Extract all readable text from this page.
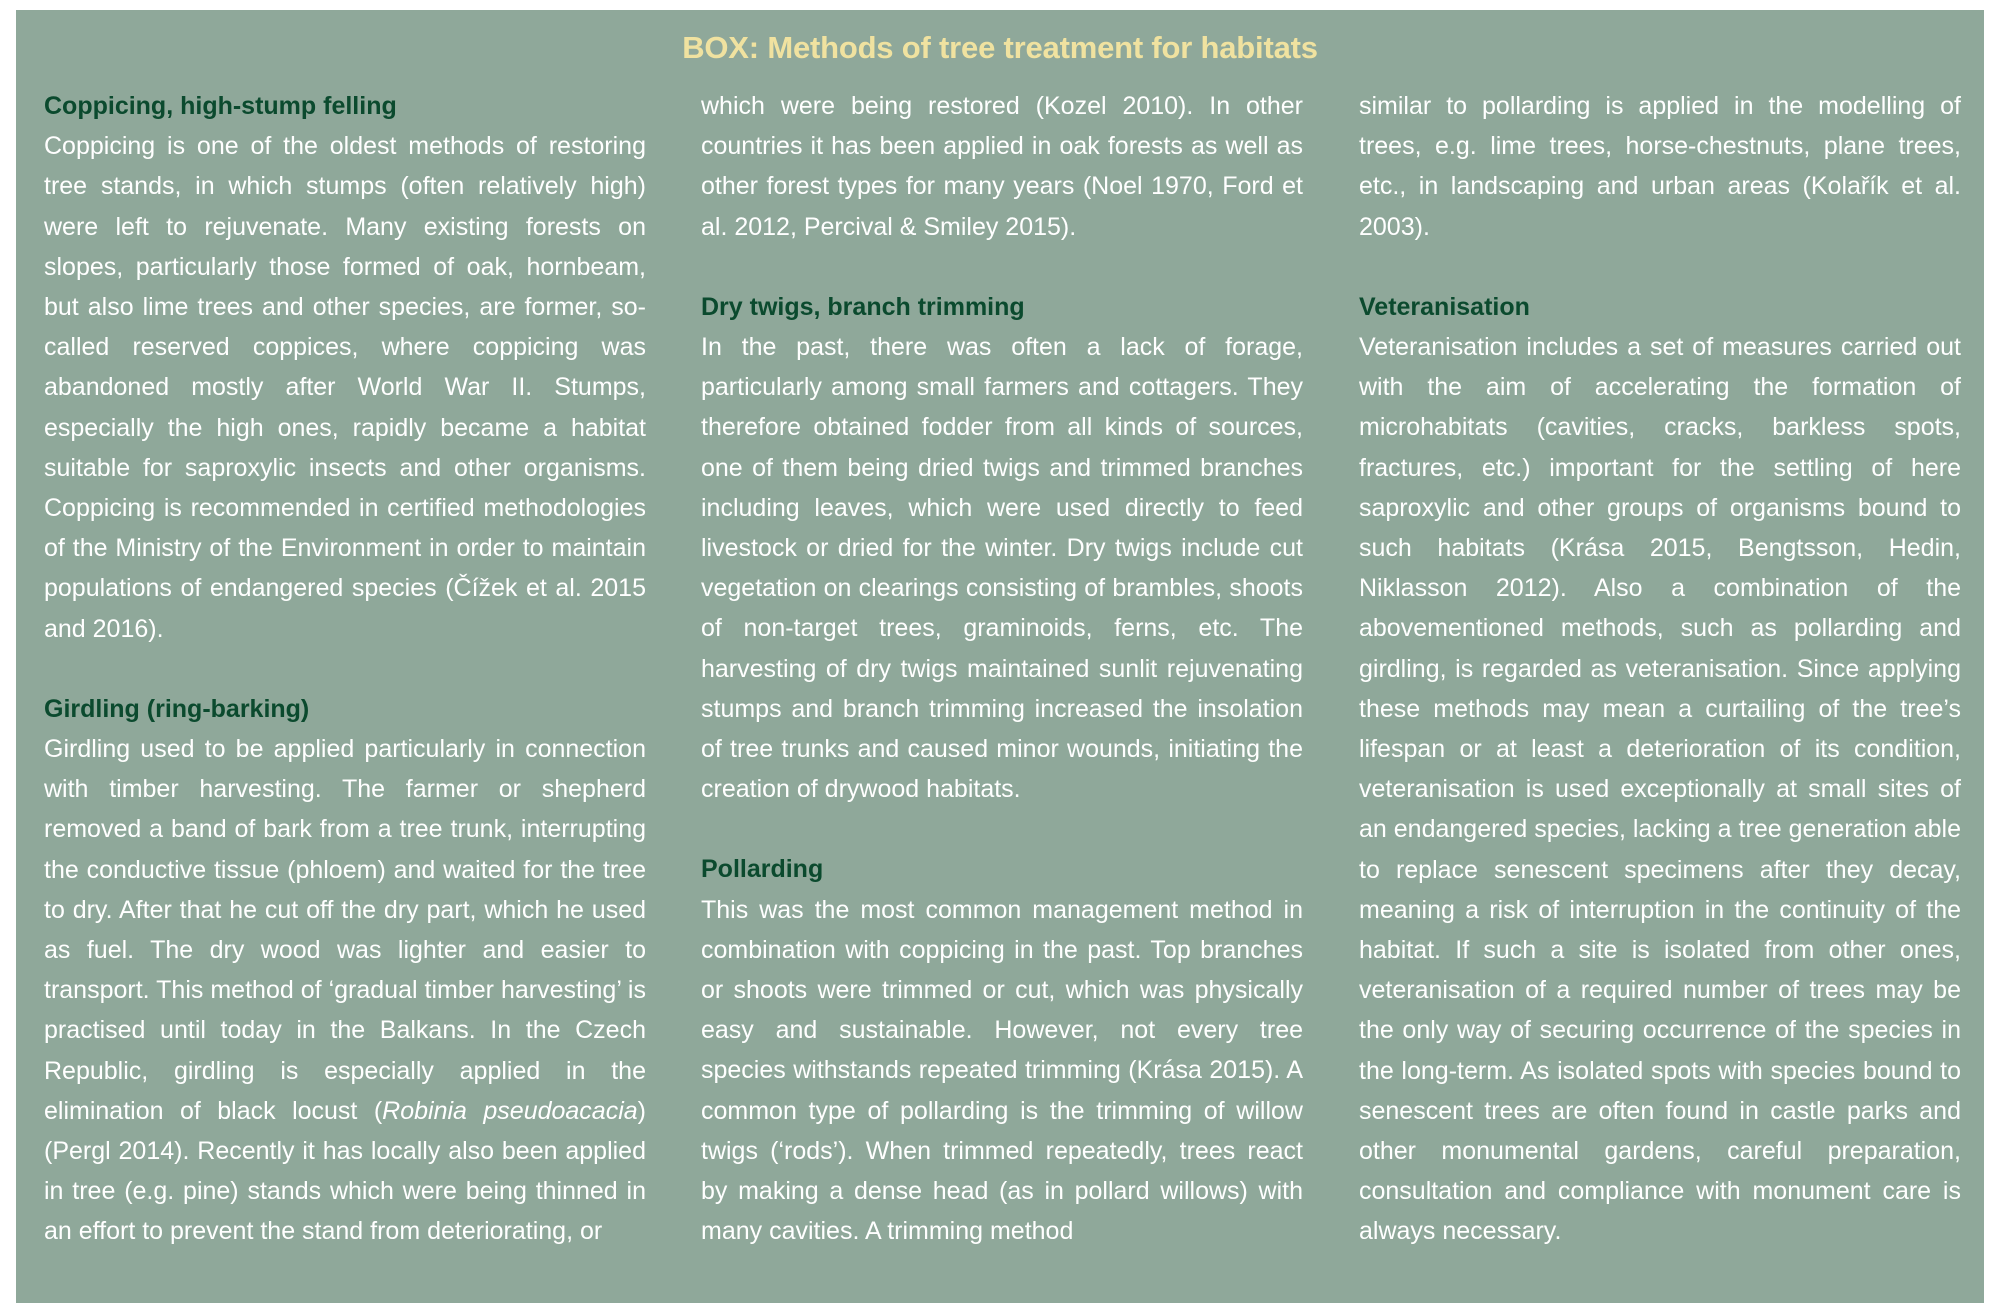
BOX: Methods of tree treatment for habitats
Coppicing, high-stump felling

Coppicing is one of the oldest methods of restoring tree stands, in which stumps (often relatively high) were left to rejuvenate. Many existing forests on slopes, particularly those formed of oak, hornbeam, but also lime trees and other species, are former, so-called reserved coppices, where coppicing was abandoned mostly after World War II. Stumps, especially the high ones, rapidly became a habitat suitable for saproxylic insects and other organisms. Coppicing is recommended in certified methodologies of the Ministry of the Environment in order to maintain populations of endangered species (Čížek et al. 2015 and 2016).

Girdling (ring-barking)

Girdling used to be applied particularly in connection with timber harvesting. The farmer or shepherd removed a band of bark from a tree trunk, interrupting the conductive tissue (phloem) and waited for the tree to dry. After that he cut off the dry part, which he used as fuel. The dry wood was lighter and easier to transport. This method of ‘gradual timber harvesting’ is practised until today in the Balkans. In the Czech Republic, girdling is especially applied in the elimination of black locust (Robinia pseudoacacia) (Pergl 2014). Recently it has locally also been applied in tree (e.g. pine) stands which were being thinned in an effort to prevent the stand from deteriorating, or

which were being restored (Kozel 2010). In other countries it has been applied in oak forests as well as other forest types for many years (Noel 1970, Ford et al. 2012, Percival & Smiley 2015).

Dry twigs, branch trimming

In the past, there was often a lack of forage, particularly among small farmers and cottagers. They therefore obtained fodder from all kinds of sources, one of them being dried twigs and trimmed branches including leaves, which were used directly to feed livestock or dried for the winter. Dry twigs include cut vegetation on clearings consisting of brambles, shoots of non-target trees, graminoids, ferns, etc. The harvesting of dry twigs maintained sunlit rejuvenating stumps and branch trimming increased the insolation of tree trunks and caused minor wounds, initiating the creation of drywood habitats.

Pollarding

This was the most common management method in combination with coppicing in the past. Top branches or shoots were trimmed or cut, which was physically easy and sustainable. However, not every tree species withstands repeated trimming (Krása 2015). A common type of pollarding is the trimming of willow twigs (‘rods’). When trimmed repeatedly, trees react by making a dense head (as in pollard willows) with many cavities. A trimming method

similar to pollarding is applied in the modelling of trees, e.g. lime trees, horse-chestnuts, plane trees, etc., in landscaping and urban areas (Kolařík et al. 2003).

Veteranisation

Veteranisation includes a set of measures carried out with the aim of accelerating the formation of microhabitats (cavities, cracks, barkless spots, fractures, etc.) important for the settling of here saproxylic and other groups of organisms bound to such habitats (Krása 2015, Bengtsson, Hedin, Niklasson 2012). Also a combination of the abovementioned methods, such as pollarding and girdling, is regarded as veteranisation. Since applying these methods may mean a curtailing of the tree’s lifespan or at least a deterioration of its condition, veteranisation is used exceptionally at small sites of an endangered species, lacking a tree generation able to replace senescent specimens after they decay, meaning a risk of interruption in the continuity of the habitat. If such a site is isolated from other ones, veteranisation of a required number of trees may be the only way of securing occurrence of the species in the long-term. As isolated spots with species bound to senescent trees are often found in castle parks and other monumental gardens, careful preparation, consultation and compliance with monument care is always necessary.
